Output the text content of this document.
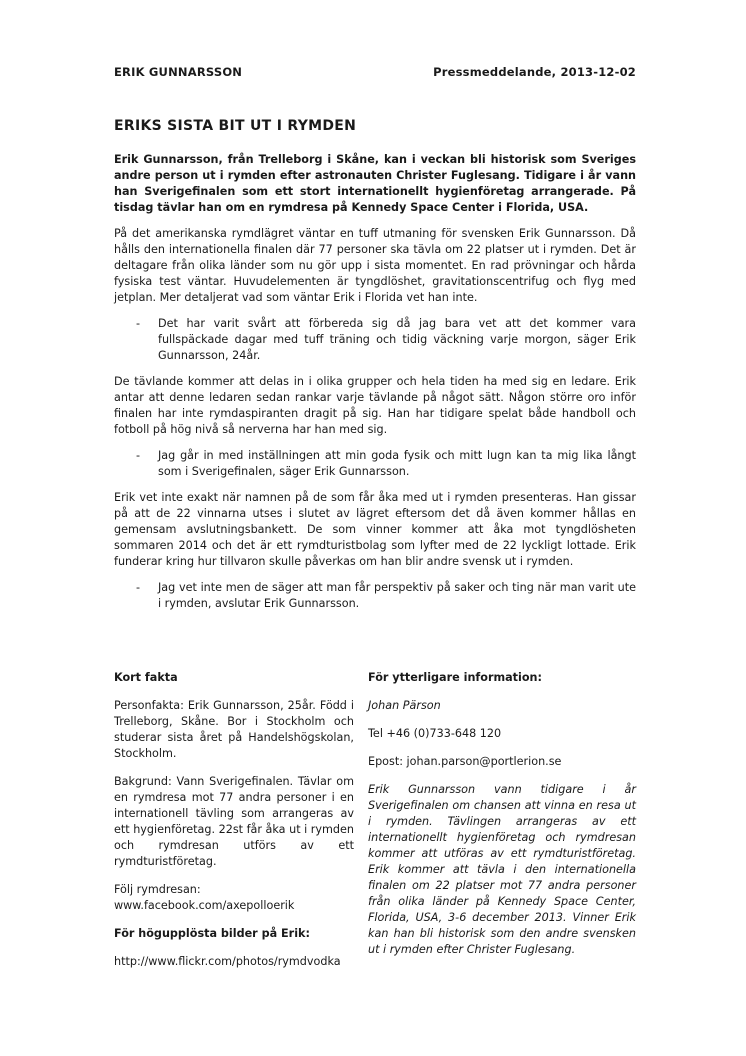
ERIK GUNNARSSON	Pressmeddelande, 2013-12-02
ERIKS SISTA BIT UT I RYMDEN

Erik Gunnarsson, från Trelleborg i Skåne, kan i veckan bli historisk som Sveriges andre person ut i rymden efter astronauten Christer Fuglesang. Tidigare i år vann han Sverigefinalen som ett stort internationellt hygienföretag arrangerade. På tisdag tävlar han om en rymdresa på Kennedy Space Center i Florida, USA.

På det amerikanska rymdlägret väntar en tuff utmaning för svensken Erik Gunnarsson. Då hålls den internationella finalen där 77 personer ska tävla om 22 platser ut i rymden. Det är deltagare från olika länder som nu gör upp i sista momentet. En rad prövningar och hårda fysiska test väntar. Huvudelementen är tyngdlöshet, gravitationscentrifug och flyg med jetplan. Mer detaljerat vad som väntar Erik i Florida vet han inte.

- Det har varit svårt att förbereda sig då jag bara vet att det kommer vara fullspäckade dagar med tuff träning och tidig väckning varje morgon, säger Erik Gunnarsson, 24år.

De tävlande kommer att delas in i olika grupper och hela tiden ha med sig en ledare. Erik antar att denne ledaren sedan rankar varje tävlande på något sätt. Någon större oro inför finalen har inte rymdaspiranten dragit på sig. Han har tidigare spelat både handboll och fotboll på hög nivå så nerverna har han med sig.

- Jag går in med inställningen att min goda fysik och mitt lugn kan ta mig lika långt som i Sverigefinalen, säger Erik Gunnarsson.

Erik vet inte exakt när namnen på de som får åka med ut i rymden presenteras. Han gissar på att de 22 vinnarna utses i slutet av lägret eftersom det då även kommer hållas en gemensam avslutningsbankett. De som vinner kommer att åka mot tyngdlösheten sommaren 2014 och det är ett rymdturistbolag som lyfter med de 22 lyckligt lottade. Erik funderar kring hur tillvaron skulle påverkas om han blir andre svensk ut i rymden.

- Jag vet inte men de säger att man får perspektiv på saker och ting när man varit ute i rymden, avslutar Erik Gunnarsson.
Kort fakta
Personfakta: Erik Gunnarsson, 25år. Född i Trelleborg, Skåne. Bor i Stockholm och studerar sista året på Handelshögskolan, Stockholm.
Bakgrund: Vann Sverigefinalen. Tävlar om en rymdresa mot 77 andra personer i en internationell tävling som arrangeras av ett hygienföretag. 22st får åka ut i rymden och rymdresan utförs av ett rymdturistföretag.
Följ rymdresan:
www.facebook.com/axepolloerik
För högupplösta bilder på Erik:
http://www.flickr.com/photos/rymdvodka
För ytterligare information:
Johan Pärson
Tel +46 (0)733-648 120
Epost: johan.parson@portlerion.se
Erik Gunnarsson vann tidigare i år Sverigefinalen om chansen att vinna en resa ut i rymden. Tävlingen arrangeras av ett internationellt hygienföretag och rymdresan kommer att utföras av ett rymdturistföretag. Erik kommer att tävla i den internationella finalen om 22 platser mot 77 andra personer från olika länder på Kennedy Space Center, Florida, USA, 3-6 december 2013. Vinner Erik kan han bli historisk som den andre svensken ut i rymden efter Christer Fuglesang.
